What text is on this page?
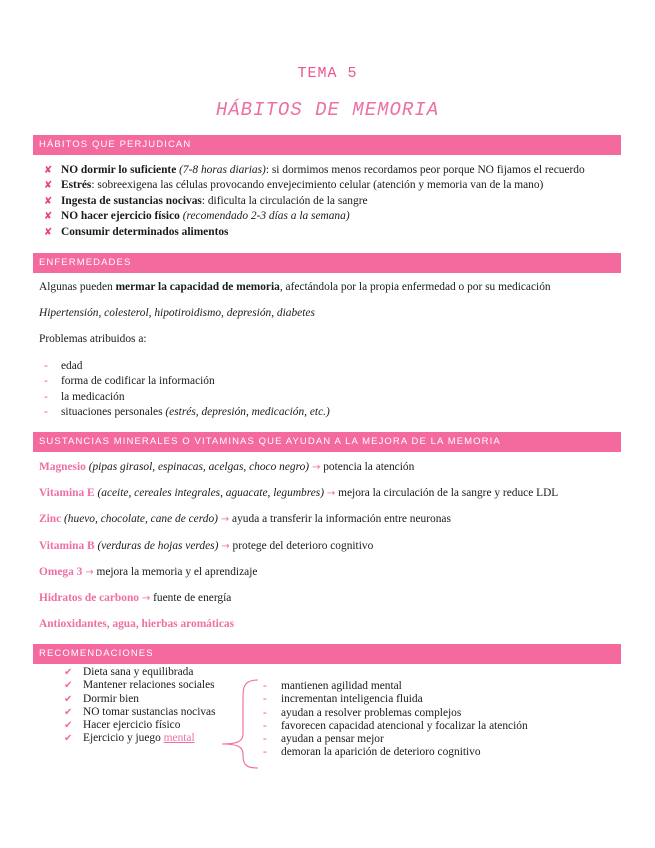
TEMA 5
HÁBITOS DE MEMORIA
HÁBITOS QUE PERJUDICAN
✘ NO dormir lo suficiente (7-8 horas diarias): si dormimos menos recordamos peor porque NO fijamos el recuerdo
✘ Estrés: sobreexigena las células provocando envejecimiento celular (atención y memoria van de la mano)
✘ Ingesta de sustancias nocivas: dificulta la circulación de la sangre
✘ NO hacer ejercicio físico (recomendado 2-3 días a la semana)
✘ Consumir determinados alimentos
ENFERMEDADES
Algunas pueden mermar la capacidad de memoria, afectándola por la propia enfermedad o por su medicación
Hipertensión, colesterol, hipotiroidismo, depresión, diabetes
Problemas atribuidos a:
- edad
- forma de codificar la información
- la medicación
- situaciones personales (estrés, depresión, medicación, etc.)
SUSTANCIAS MINERALES O VITAMINAS QUE AYUDAN A LA MEJORA DE LA MEMORIA
Magnesio (pipas girasol, espinacas, acelgas, choco negro) → potencia la atención
Vitamina E (aceite, cereales integrales, aguacate, legumbres) → mejora la circulación de la sangre y reduce LDL
Zinc (huevo, chocolate, cane de cerdo) → ayuda a transferir la información entre neuronas
Vitamina B (verduras de hojas verdes) → protege del deterioro cognitivo
Omega 3 → mejora la memoria y el aprendizaje
Hidratos de carbono → fuente de energía
Antioxidantes, agua, hierbas aromáticas
RECOMENDACIONES
✔ Dieta sana y equilibrada
✔ Mantener relaciones sociales
✔ Dormir bien
✔ NO tomar sustancias nocivas
✔ Hacer ejercicio físico
✔ Ejercicio y juego mental
- mantienen agilidad mental
- incrementan inteligencia fluida
- ayudan a resolver problemas complejos
- favorecen capacidad atencional y focalizar la atención
- ayudan a pensar mejor
- demoran la aparición de deterioro cognitivo
